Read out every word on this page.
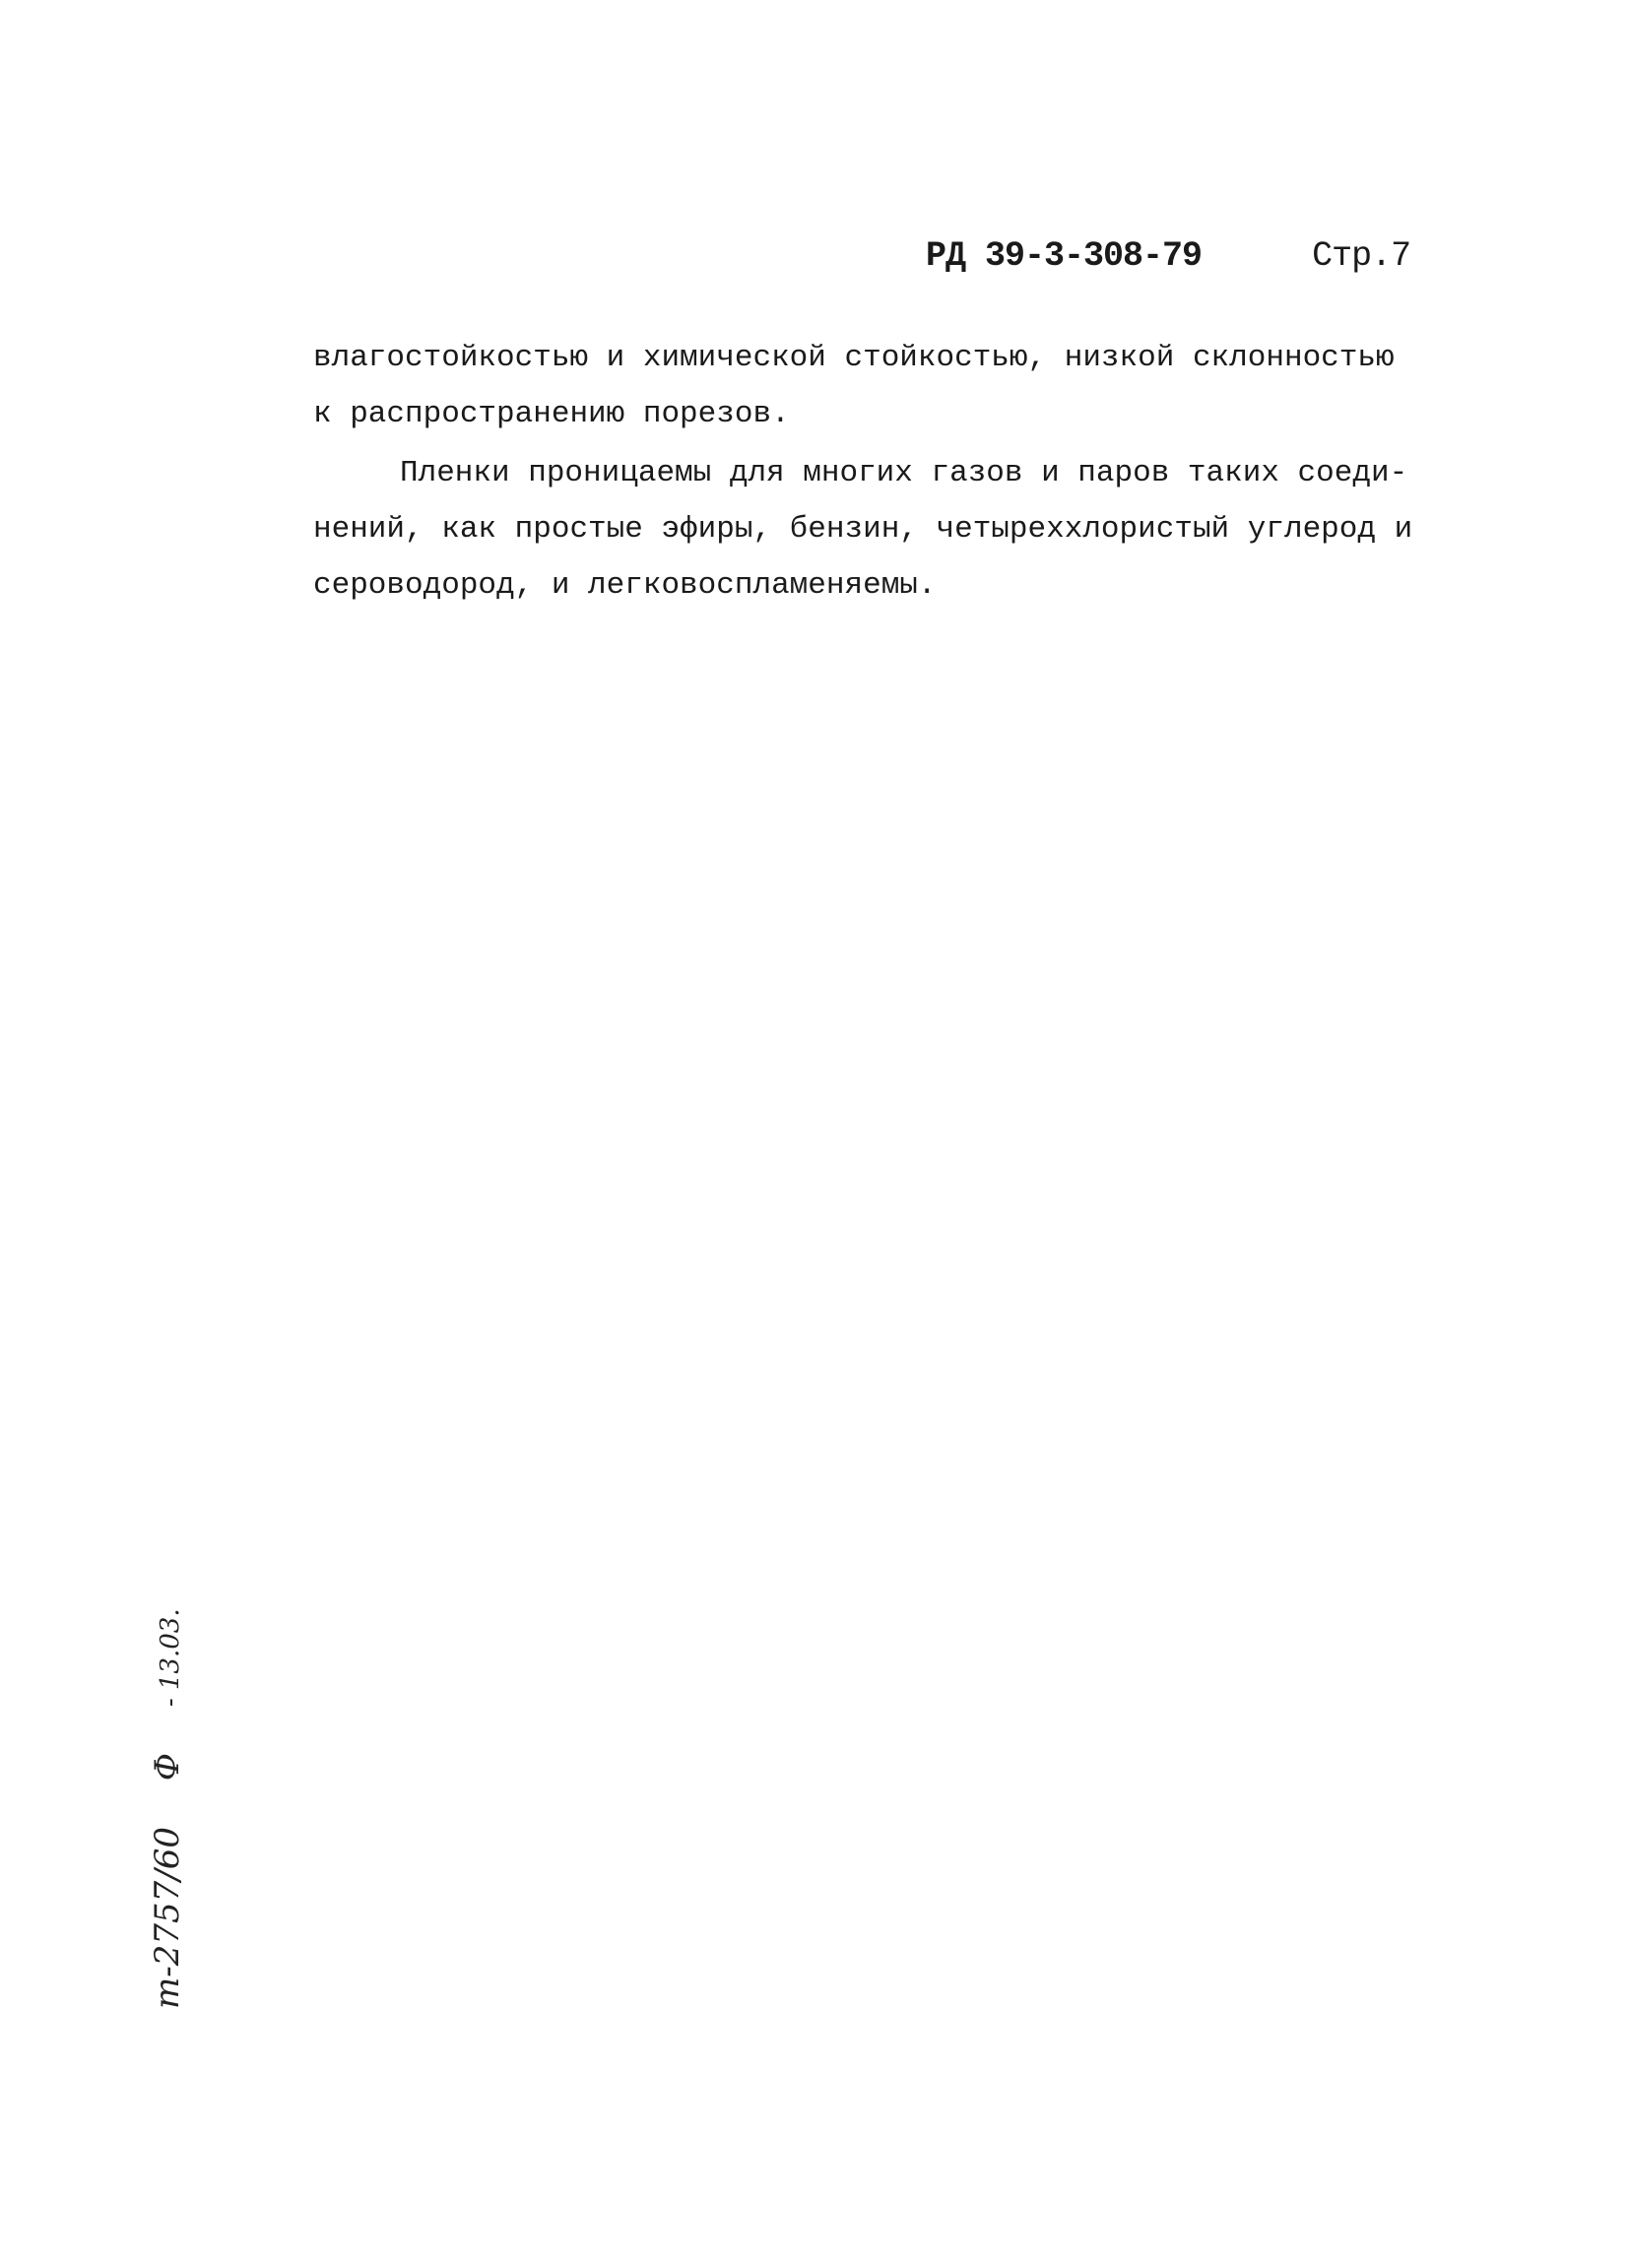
РД 39-3-308-79	Стр.7
влагостойкостью и химической стойкостью, низкой склонностью
к распространению порезов.
Пленки проницаемы для многих газов и паров таких соеди-
нений, как простые эфиры, бензин, четыреххлористый углерод и
сероводород, и легковоспламеняемы.
т-2757/60 Ф - 13.03.
